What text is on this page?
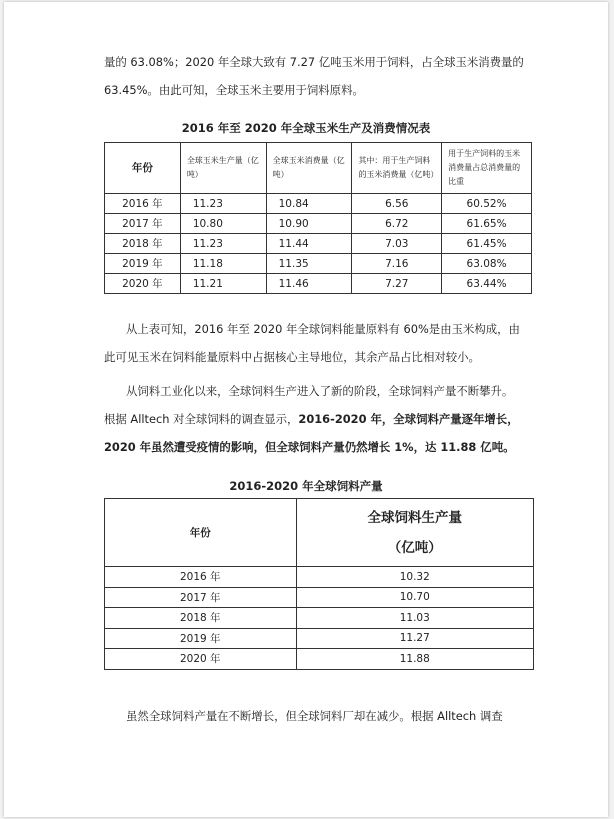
量的 63.08%；2020 年全球大致有 7.27 亿吨玉米用于饲料，占全球玉米消费量的
63.45%。由此可知，全球玉米主要用于饲料原料。

2016 年至 2020 年全球玉米生产及消费情况表
年份	全球玉米生产量（亿吨）	全球玉米消费量（亿吨）	其中：用于生产饲料的玉米消费量（亿吨）	用于生产饲料的玉米消费量占总消费量的比重
2016 年	11.23	10.84	6.56	60.52%
2017 年	10.80	10.90	6.72	61.65%
2018 年	11.23	11.44	7.03	61.45%
2019 年	11.18	11.35	7.16	63.08%
2020 年	11.21	11.46	7.27	63.44%

从上表可知，2016 年至 2020 年全球饲料能量原料有 60%是由玉米构成，由
此可见玉米在饲料能量原料中占据核心主导地位，其余产品占比相对较小。

从饲料工业化以来，全球饲料生产进入了新的阶段，全球饲料产量不断攀升。
根据 Alltech 对全球饲料的调查显示，2016-2020 年，全球饲料产量逐年增长，
2020 年虽然遭受疫情的影响，但全球饲料产量仍然增长 1%，达 11.88 亿吨。

2016-2020 年全球饲料产量
年份	全球饲料生产量
（亿吨）
2016 年	10.32
2017 年	10.70
2018 年	11.03
2019 年	11.27
2020 年	11.88

虽然全球饲料产量在不断增长，但全球饲料厂却在减少。根据 Alltech 调查
